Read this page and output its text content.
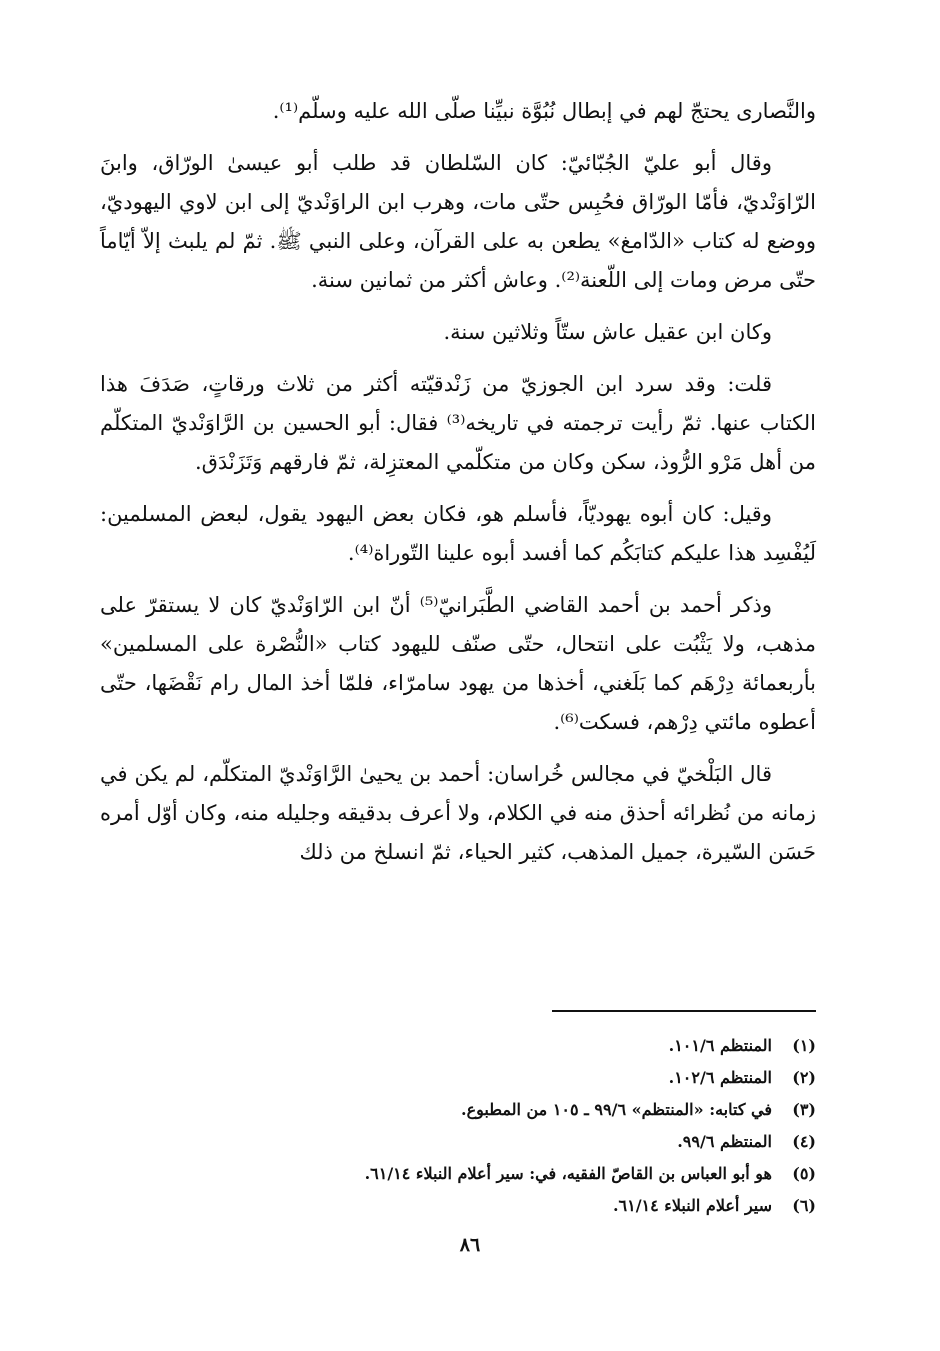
والنَّصارى يحتجّ لهم في إبطال نُبُوَّة نبيِّنا صلّى الله عليه وسلّم⁽¹⁾.

وقال أبو عليّ الجُبّائيّ: كان السّلطان قد طلب أبو عيسىٰ الورّاق، وابنَ الرّاوَنْديّ، فأمّا الورّاق فحُبِس حتّى مات، وهرب ابن الراوَنْديّ إلى ابن لاوي اليهوديّ، ووضع له كتاب «الدّامغ» يطعن به على القرآن، وعلى النبي ﷺ. ثمّ لم يلبث إلاّ أيّاماً حتّى مرض ومات إلى اللّعنة⁽²⁾. وعاش أكثر من ثمانين سنة.

وكان ابن عقيل عاش ستّاً وثلاثين سنة.

قلت: وقد سرد ابن الجوزيّ من زَنْدقيّته أكثر من ثلاث ورقاتٍ، صَدَفَ هذا الكتاب عنها. ثمّ رأيت ترجمته في تاريخه⁽³⁾ فقال: أبو الحسين بن الرَّاوَنْديّ المتكلّم من أهل مَرْو الرُّوذ، سكن وكان من متكلّمي المعتزِلة، ثمّ فارقهم وَتَزَنْدَق.

وقيل: كان أبوه يهوديّاً، فأسلم هو، فكان بعض اليهود يقول، لبعض المسلمين: لَيُفْسِد هذا عليكم كتابَكُم كما أفسد أبوه علينا التّوراة⁽⁴⁾.

وذكر أحمد بن أحمد القاضي الطَّبَرانيّ⁽⁵⁾ أنّ ابن الرّاوَنْديّ كان لا يستقرّ على مذهب، ولا يَثْبُت على انتحال، حتّى صنّف لليهود كتاب «النُّصْرة على المسلمين» بأربعمائة دِرْهَم كما بَلَغني، أخذها من يهود سامرّاء، فلمّا أخذ المال رام نَقْضَها، حتّى أعطوه مائتي دِرْهم، فسكت⁽⁶⁾.

قال البَلْخيّ في مجالس خُراسان: أحمد بن يحيىٰ الرَّاوَنْديّ المتكلّم، لم يكن في زمانه من نُظرائه أحذق منه في الكلام، ولا أعرف بدقيقه وجليله منه، وكان أوّل أمره حَسَن السّيرة، جميل المذهب، كثير الحياء، ثمّ انسلخ من ذلك

(١)
المنتظم ١٠١/٦.
(٢)
المنتظم ١٠٢/٦.
(٣)
في كتابه: «المنتظم» ٩٩/٦ ـ ١٠٥ من المطبوع.
(٤)
المنتظم ٩٩/٦.
(٥)
هو أبو العباس بن القاصّ الفقيه، في: سير أعلام النبلاء ٦١/١٤.
(٦)
سير أعلام النبلاء ٦١/١٤.
٨٦
